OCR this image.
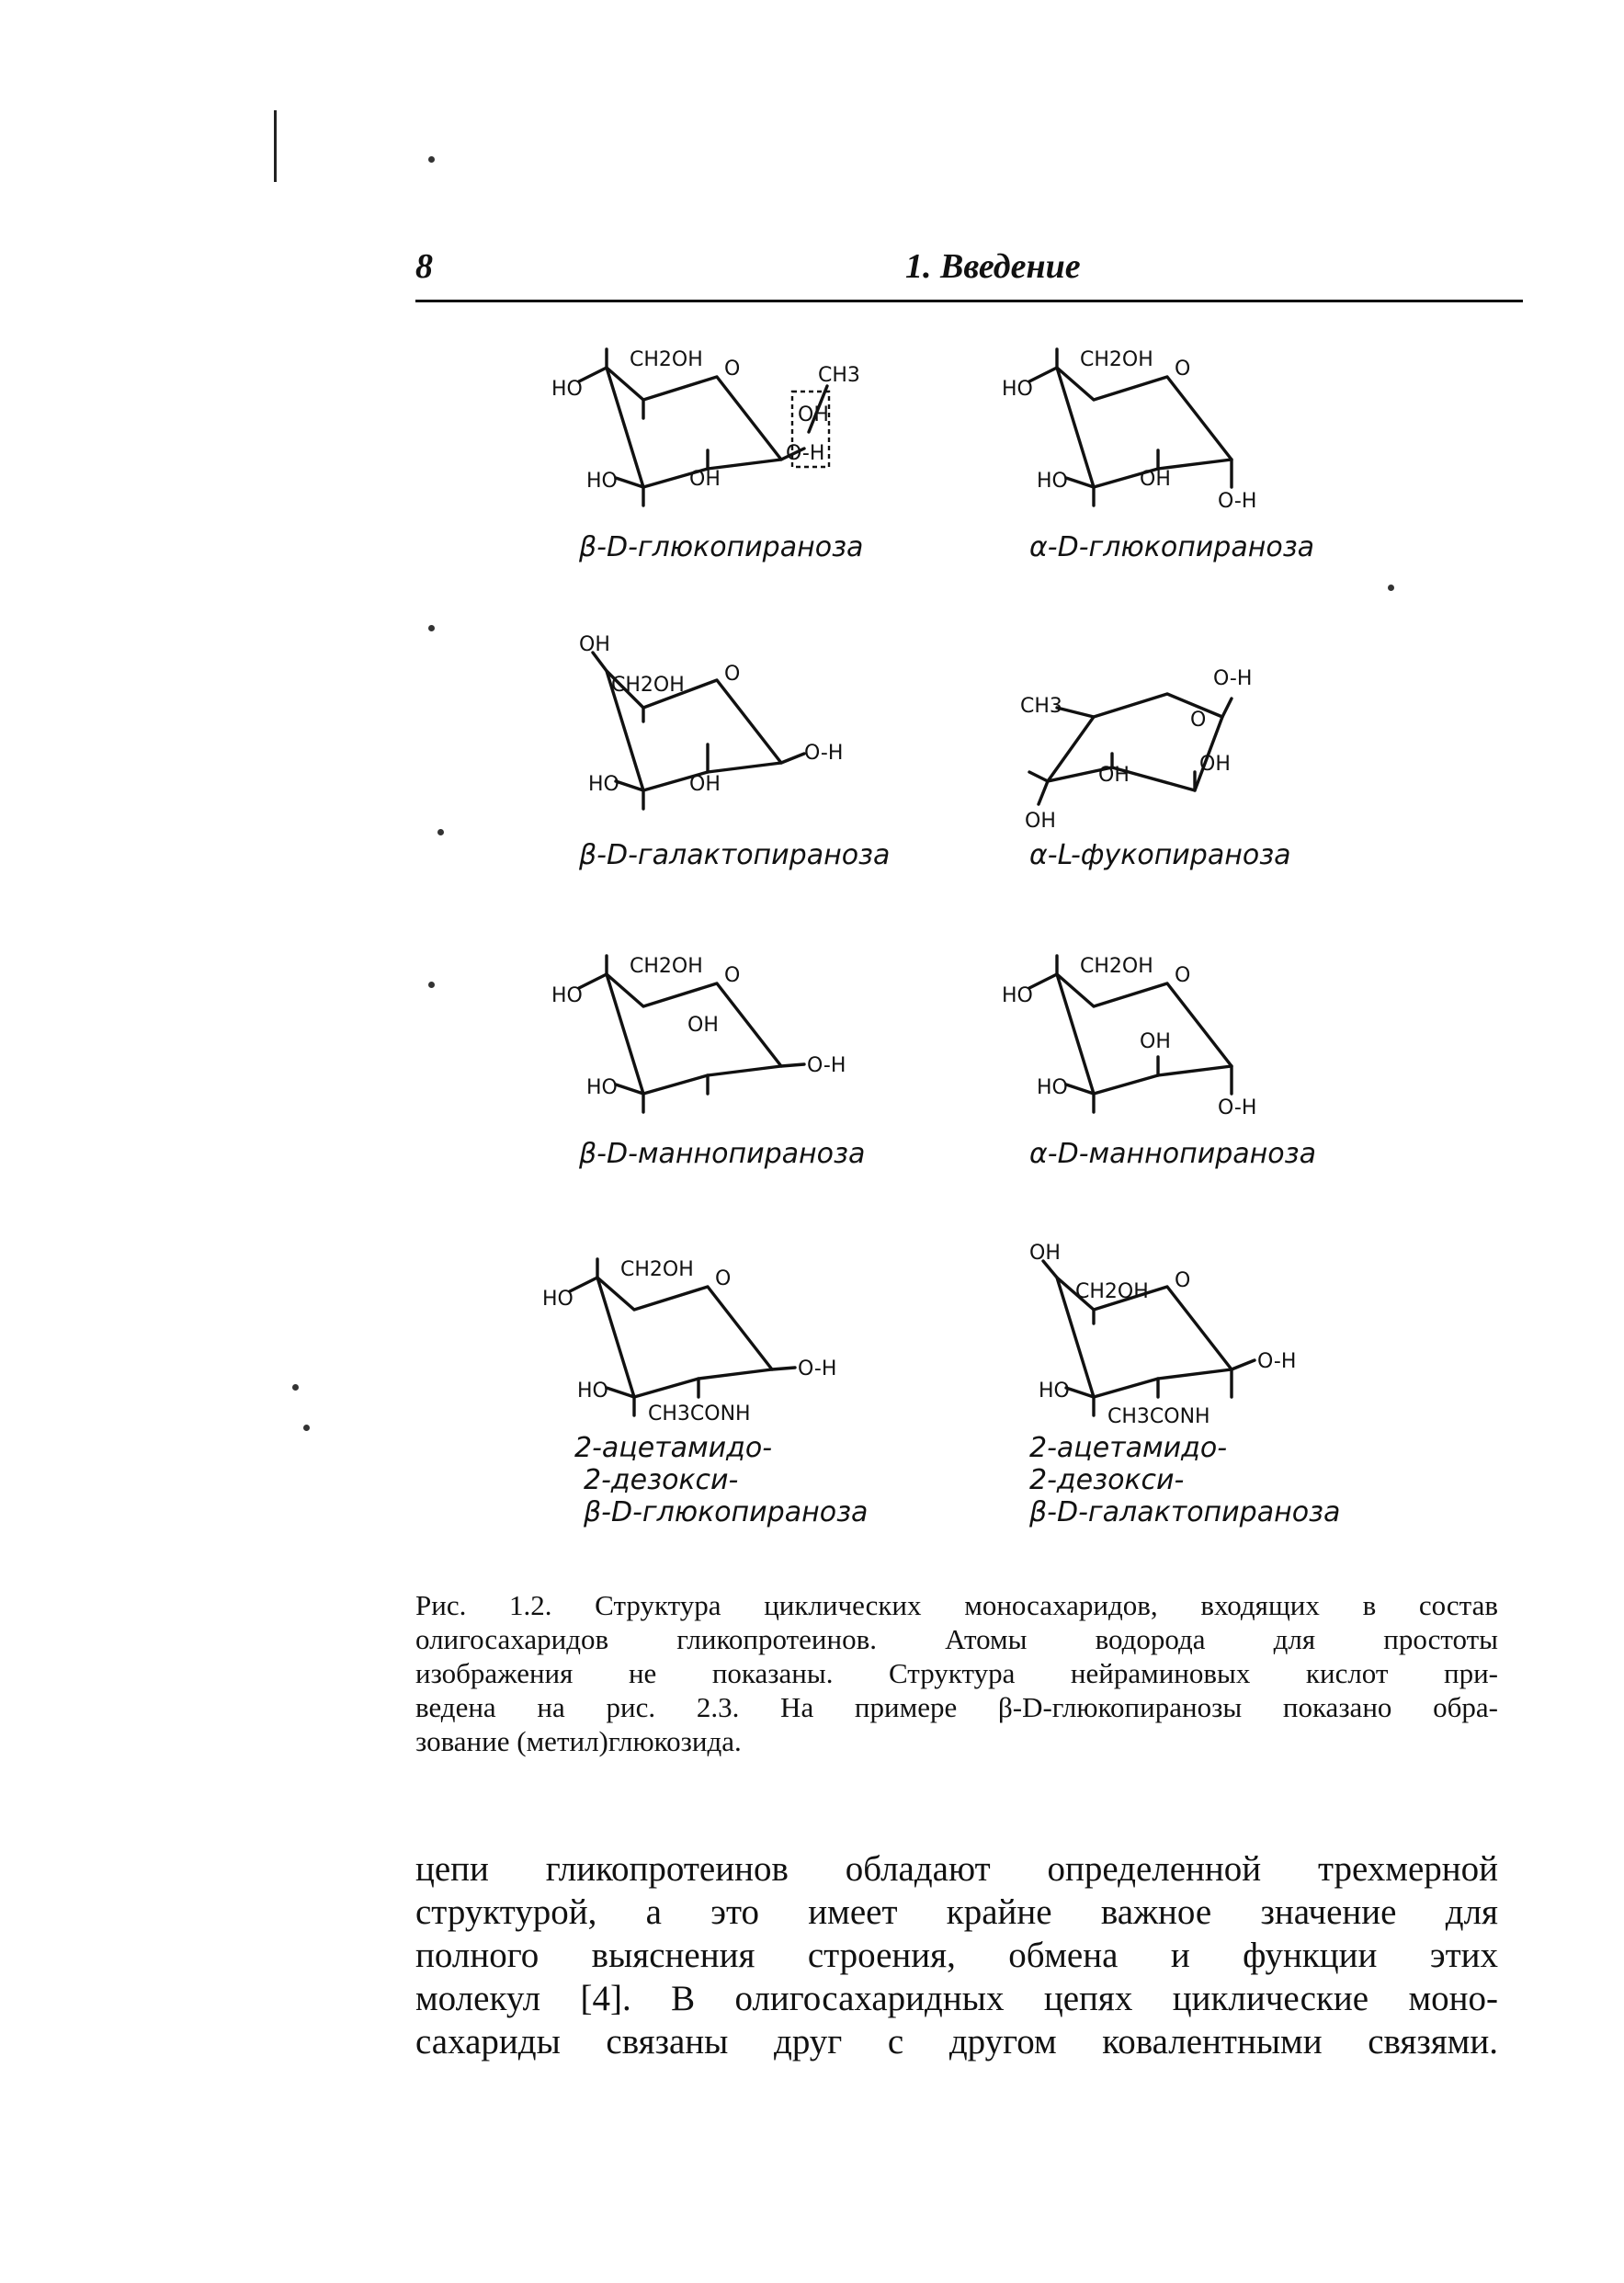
8	1. Введение
CH2OH O
HO
HO	OH
CH3
OH
O-H
β-D-глюкопираноза
CH2OH O
HO
HO	OH
O-H
α-D-глюкопираноза
OH
CH2OH O
HO	OH
O-H
β-D-галактопираноза
CH3
O
O-H
OH	OH
OH
α-L-фукопираноза
CH2OH O
HO
HO
OH
O-H
β-D-маннопираноза
CH2OH O
HO
HO
OH
O-H
α-D-маннопираноза
CH2OH O
HO
HO
CH3CONH
O-H
2-ацетамидо-
2-дезокси-
β-D-глюкопираноза
OH
CH2OH O
HO
CH3CONH
O-H
2-ацетамидо-
2-дезокси-
β-D-галактопираноза
Рис. 1.2. Структура циклических моносахаридов, входящих в состав
олигосахаридов гликопротеинов. Атомы водорода для простоты
изображения не показаны. Структура нейраминовых кислот при-
ведена на рис. 2.3. На примере β-D-глюкопиранозы показано обра-
зование (метил)глюкозида.
цепи гликопротеинов обладают определенной трехмерной
структурой, а это имеет крайне важное значение для
полного выяснения строения, обмена и функции этих
молекул [4]. В олигосахаридных цепях циклические моно-
сахариды связаны друг с другом ковалентными связями.
